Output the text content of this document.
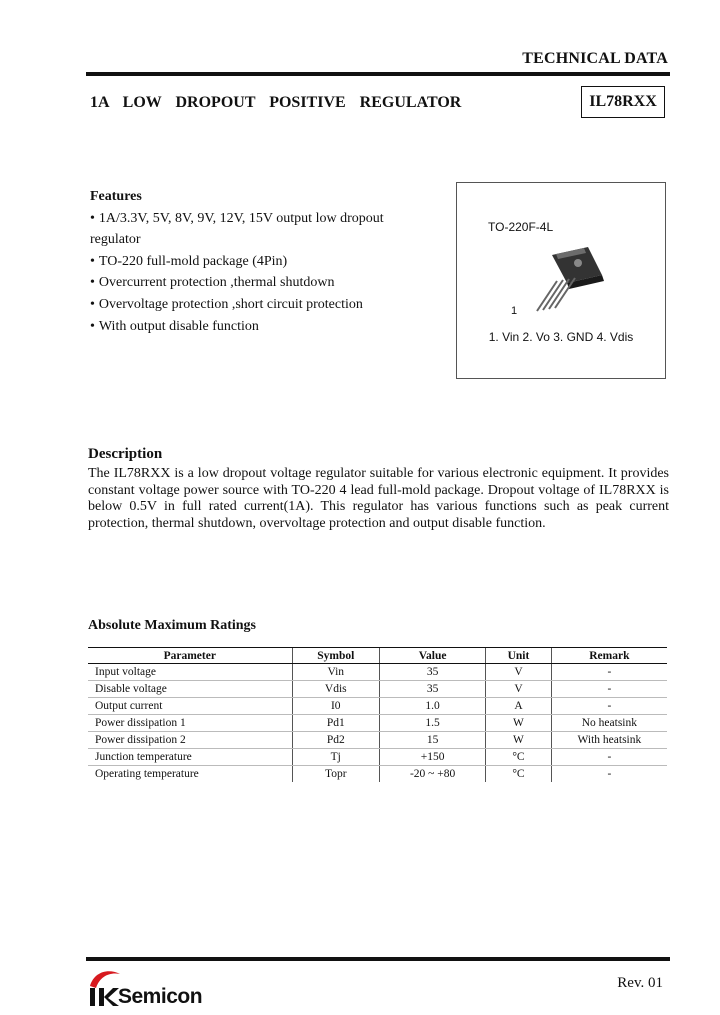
TECHNICAL DATA
1A LOW DROPOUT POSITIVE REGULATOR	IL78RXX
Features
• 1A/3.3V, 5V, 8V, 9V, 12V, 15V output low dropout regulator
• TO-220 full-mold package (4Pin)
• Overcurrent protection ,thermal shutdown
• Overvoltage protection ,short circuit protection
• With output disable function
TO-220F-4L
1
1. Vin 2. Vo 3. GND 4. Vdis
Description
The IL78RXX is a low dropout voltage regulator suitable for various electronic equipment. It provides constant voltage power source with TO-220 4 lead full-mold package. Dropout voltage of IL78RXX is below 0.5V in full rated current(1A). This regulator has various functions such as peak current protection, thermal shutdown, overvoltage protection and output disable function.
Absolute Maximum Ratings
Parameter	Symbol	Value	Unit	Remark
Input voltage	Vin	35	V	-
Disable voltage	Vdis	35	V	-
Output current	I0	1.0	A	-
Power dissipation 1	Pd1	1.5	W	No heatsink
Power dissipation 2	Pd2	15	W	With heatsink
Junction temperature	Tj	+150	°C	-
Operating temperature	Topr	-20 ~ +80	°C	-
Semicon
Rev. 01
